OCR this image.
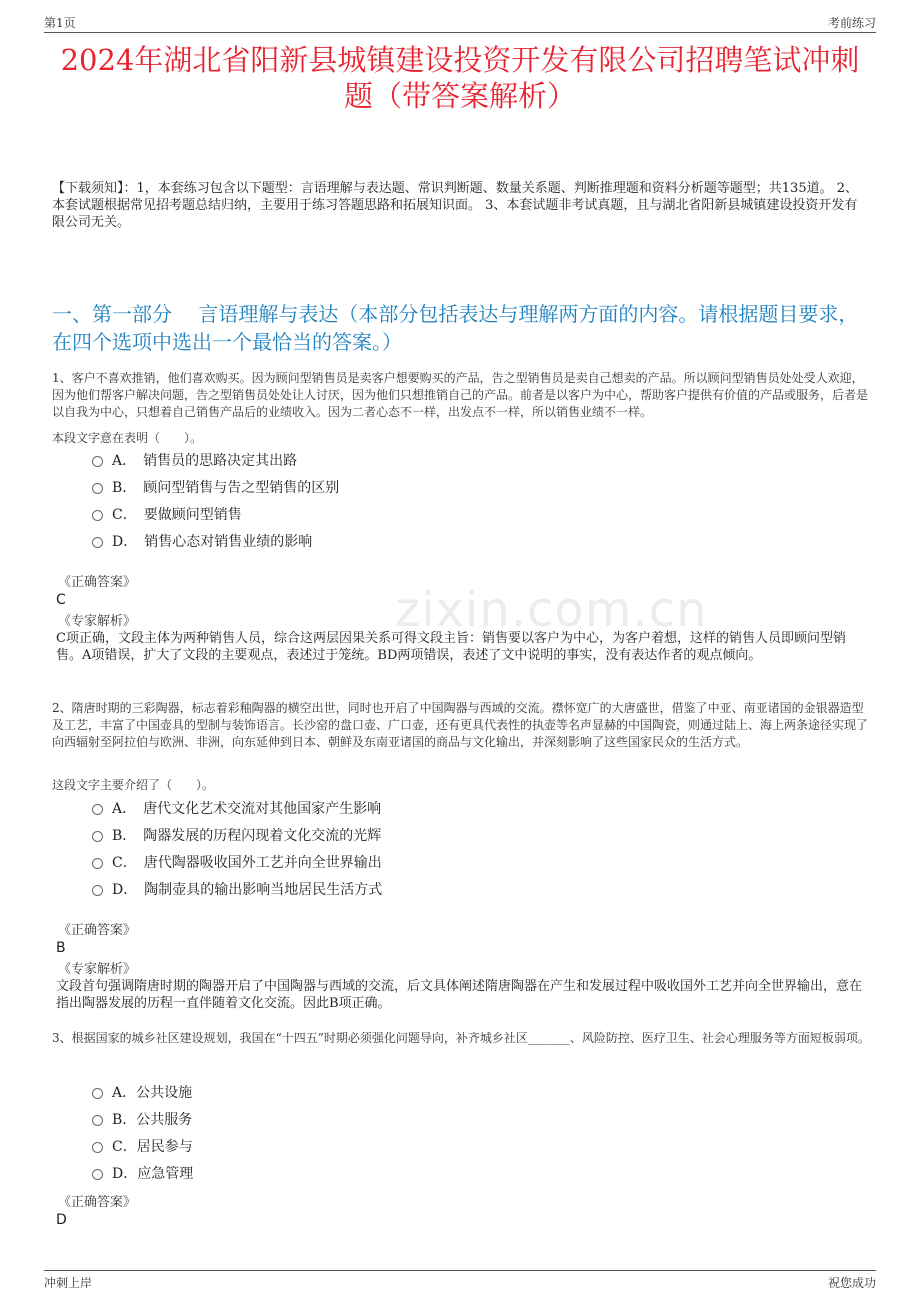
第1页	考前练习
2024年湖北省阳新县城镇建设投资开发有限公司招聘笔试冲刺
题（带答案解析）
【下载须知】：1，本套练习包含以下题型：言语理解与表达题、常识判断题、数量关系题、判断推理题和资料分析题等题型；共135道。 2、本套试题根据常见招考题总结归纳，主要用于练习答题思路和拓展知识面。 3、本套试题非考试真题，且与湖北省阳新县城镇建设投资开发有限公司无关。
一、第一部分　 言语理解与表达（本部分包括表达与理解两方面的内容。请根据题目要求，在四个选项中选出一个最恰当的答案。）
1、客户不喜欢推销，他们喜欢购买。因为顾问型销售员是卖客户想要购买的产品，告之型销售员是卖自己想卖的产品。所以顾问型销售员处处受人欢迎，因为他们帮客户解决问题，告之型销售员处处让人讨厌，因为他们只想推销自己的产品。前者是以客户为中心，帮助客户提供有价值的产品或服务，后者是以自我为中心，只想着自己销售产品后的业绩收入。因为二者心态不一样，出发点不一样，所以销售业绩不一样。
本段文字意在表明（　　）。
A．　销售员的思路决定其出路
B．　顾问型销售与告之型销售的区别
C．　要做顾问型销售
D．　销售心态对销售业绩的影响
《正确答案》
C
《专家解析》
C项正确，文段主体为两种销售人员，综合这两层因果关系可得文段主旨：销售要以客户为中心，为客户着想，这样的销售人员即顾问型销售。A项错误，扩大了文段的主要观点，表述过于笼统。BD两项错误，表述了文中说明的事实，没有表达作者的观点倾向。
zixin.com.cn
2、隋唐时期的三彩陶器，标志着彩釉陶器的横空出世，同时也开启了中国陶器与西域的交流。襟怀宽广的大唐盛世，借鉴了中亚、南亚诸国的金银器造型及工艺，丰富了中国壶具的型制与装饰语言。长沙窑的盘口壶、广口壶，还有更具代表性的执壶等名声显赫的中国陶瓷，则通过陆上、海上两条途径实现了向西辐射至阿拉伯与欧洲、非洲，向东延伸到日本、朝鲜及东南亚诸国的商品与文化输出，并深刻影响了这些国家民众的生活方式。
这段文字主要介绍了（　　）。
A．　唐代文化艺术交流对其他国家产生影响
B．　陶器发展的历程闪现着文化交流的光辉
C．　唐代陶器吸收国外工艺并向全世界输出
D．　陶制壶具的输出影响当地居民生活方式
《正确答案》
B
《专家解析》
文段首句强调隋唐时期的陶器开启了中国陶器与西域的交流，后文具体阐述隋唐陶器在产生和发展过程中吸收国外工艺并向全世界输出，意在指出陶器发展的历程一直伴随着文化交流。因此B项正确。
3、根据国家的城乡社区建设规划，我国在“十四五”时期必须强化问题导向，补齐城乡社区_______、风险防控、医疗卫生、社会心理服务等方面短板弱项。
A．公共设施
B．公共服务
C．居民参与
D．应急管理
《正确答案》
D
冲刺上岸	祝您成功
